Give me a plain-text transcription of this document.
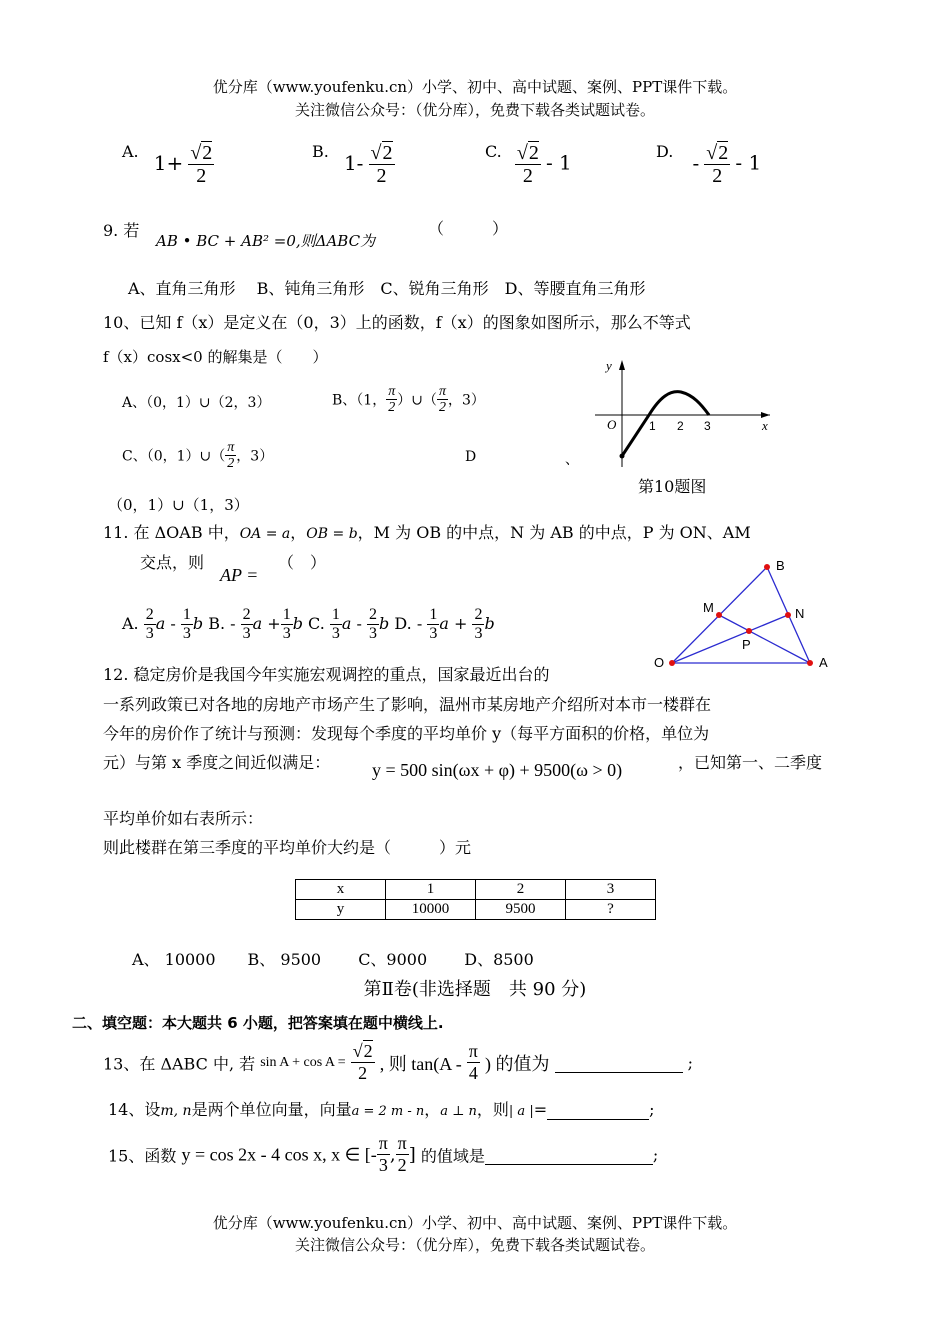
优分库（www.youfenku.cn）小学、初中、高中试题、案例、PPT课件下载。
关注微信公众号：（优分库），免费下载各类试题试卷。
A. $1+ \frac{√2}{2}$	B. $1- \frac{√2}{2}$	C. $\frac{√2}{2} - 1$	D. - $\frac{√2}{2} - 1$
9. 若
AB • BC + AB² =0,则ΔABC为
（　　　）
A、直角三角形　 B、钝角三角形　C、锐角三角形　D、等腰直角三角形
10、已知 f（x）是定义在（0，3）上的函数，f（x）的图象如图所示，那么不等式
f（x）cosx<0 的解集是（　　）
A、（0，1）∪（2，3）	B、（1， $\frac{\pi}{2}$ ）∪（ $\frac{\pi}{2}$ ，3）
C、（0，1）∪（ $\frac{\pi}{2}$ ，3）	D	、
（0，1）∪（1，3）
y
x
O	1 2 3
第10题图
11. 在 ΔOAB 中，OA = a，OB = b，M 为 OB 的中点，N 为 AB 的中点，P 为 ON、AM
交点，则
AP =
（　）
A. $\frac{2}{3}$ a - $\frac{1}{3}$ b B. - $\frac{2}{3}$ $a + \frac{1}{3}$ b C. $\frac{1}{3}$ a - $\frac{2}{3}$ b D. - $\frac{1}{3}$ $a + \frac{2}{3}$ b
B
M	N
P
O	A
12. 稳定房价是我国今年实施宏观调控的重点，国家最近出台的
一系列政策已对各地的房地产市场产生了影响，温州市某房地产介绍所对本市一楼群在
今年的房价作了统计与预测：发现每个季度的平均单价 y（每平方面积的价格，单位为
元）与第 x 季度之间近似满足： y = 500 sin(ωx + φ) + 9500(ω > 0)	，已知第一、二季度
平均单价如右表所示：
则此楼群在第三季度的平均单价大约是（　　　）元
x	1	2	3
y	10000	9500	?
A、 10000　　B、 9500　　 C、9000　　 D、8500
第Ⅱ卷(非选择题　共 90 分)
二、填空题：本大题共 6 小题，把答案填在题中横线上.
13、在 ΔABC 中, 若 $\sin A + \cos A = \frac{√2}{2}$ , 则 $\tan(A - \frac{\pi}{4}$ ) 的值为	;
14、设m, n是两个单位向量，向量a = 2 m - n，a ⊥ n，则| a |=	;
15、函数 y = cos 2x - 4 cos x, x ∈ [- $\frac{\pi}{3}$ , $\frac{\pi}{2}$ ] 的值域是	;
优分库（www.youfenku.cn）小学、初中、高中试题、案例、PPT课件下载。
关注微信公众号：（优分库），免费下载各类试题试卷。
